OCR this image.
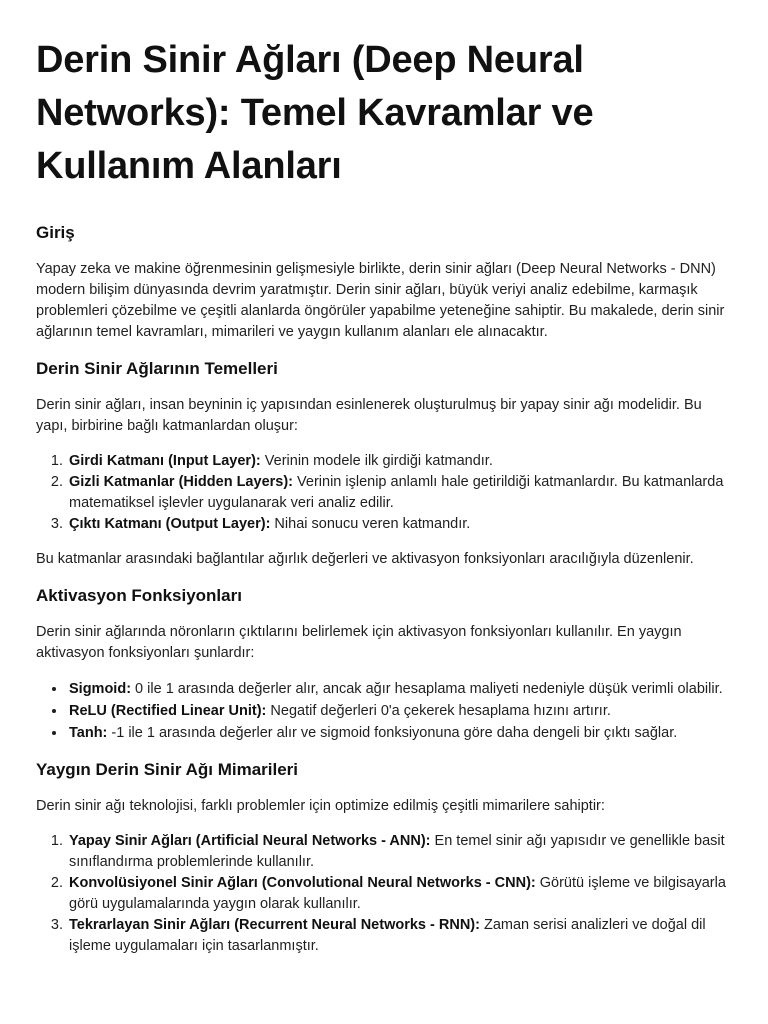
Derin Sinir Ağları (Deep Neural Networks): Temel Kavramlar ve Kullanım Alanları
Giriş

Yapay zeka ve makine öğrenmesinin gelişmesiyle birlikte, derin sinir ağları (Deep Neural Networks - DNN) modern bilişim dünyasında devrim yaratmıştır. Derin sinir ağları, büyük veriyi analiz edebilme, karmaşık problemleri çözebilme ve çeşitli alanlarda öngörüler yapabilme yeteneğine sahiptir. Bu makalede, derin sinir ağlarının temel kavramları, mimarileri ve yaygın kullanım alanları ele alınacaktır.

Derin Sinir Ağlarının Temelleri

Derin sinir ağları, insan beyninin iç yapısından esinlenerek oluşturulmuş bir yapay sinir ağı modelidir. Bu yapı, birbirine bağlı katmanlardan oluşur:

1. Girdi Katmanı (Input Layer): Verinin modele ilk girdiği katmandır.
2. Gizli Katmanlar (Hidden Layers): Verinin işlenip anlamlı hale getirildiği katmanlardır. Bu katmanlarda matematiksel işlevler uygulanarak veri analiz edilir.
3. Çıktı Katmanı (Output Layer): Nihai sonucu veren katmandır.

Bu katmanlar arasındaki bağlantılar ağırlık değerleri ve aktivasyon fonksiyonları aracılığıyla düzenlenir.

Aktivasyon Fonksiyonları

Derin sinir ağlarında nöronların çıktılarını belirlemek için aktivasyon fonksiyonları kullanılır. En yaygın aktivasyon fonksiyonları şunlardır:

• Sigmoid: 0 ile 1 arasında değerler alır, ancak ağır hesaplama maliyeti nedeniyle düşük verimli olabilir.
• ReLU (Rectified Linear Unit): Negatif değerleri 0'a çekerek hesaplama hızını artırır.
• Tanh: -1 ile 1 arasında değerler alır ve sigmoid fonksiyonuna göre daha dengeli bir çıktı sağlar.
Yaygın Derin Sinir Ağı Mimarileri

Derin sinir ağı teknolojisi, farklı problemler için optimize edilmiş çeşitli mimarilere sahiptir:

1. Yapay Sinir Ağları (Artificial Neural Networks - ANN): En temel sinir ağı yapısıdır ve genellikle basit sınıflandırma problemlerinde kullanılır.
2. Konvolüsiyonel Sinir Ağları (Convolutional Neural Networks - CNN): Görütü işleme ve bilgisayarla görü uygulamalarında yaygın olarak kullanılır.
3. Tekrarlayan Sinir Ağları (Recurrent Neural Networks - RNN): Zaman serisi analizleri ve doğal dil işleme uygulamaları için tasarlanmıştır.
